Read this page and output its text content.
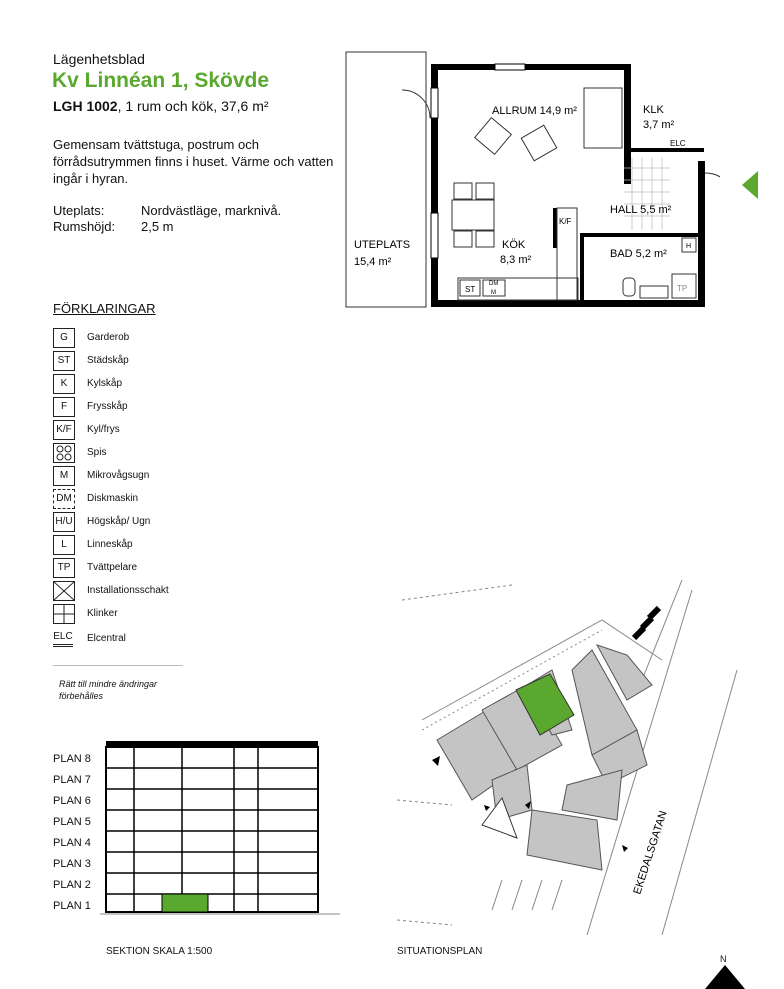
Lägenhetsblad
Kv Linnéan 1, Skövde
LGH 1002, 1 rum och kök, 37,6 m²
Gemensam tvättstuga, postrum och förrådsutrymmen finns i huset. Värme och vatten ingår i hyran.
Uteplats:	Nordvästläge, marknivå.
Rumshöjd: 2,5 m
ALLRUM 14,9 m²	KLK
3,7 m²
ELC
HALL 5,5 m²
K/F
UTEPLATS
15,4 m²
KÖK
8,3 m²	BAD 5,2 m²
H
ST
DM
M	TP
FÖRKLARINGAR
G	Garderob
ST	Städskåp
K	Kylskåp
F	Frysskåp
K/F	Kyl/frys
Spis
M	Mikrovågsugn
DM	Diskmaskin
H/U Högskåp/ Ugn
L	Linneskåp
TP	Tvättpelare
Installationsschakt
Klinker
ELC Elcentral
Rätt till mindre ändringar förbehålles
PLAN 8
PLAN 7
PLAN 6
PLAN 5
PLAN 4
PLAN 3
PLAN 2
PLAN 1
SEKTION SKALA 1:500
EKEDALSGATAN
SITUATIONSPLAN
N
